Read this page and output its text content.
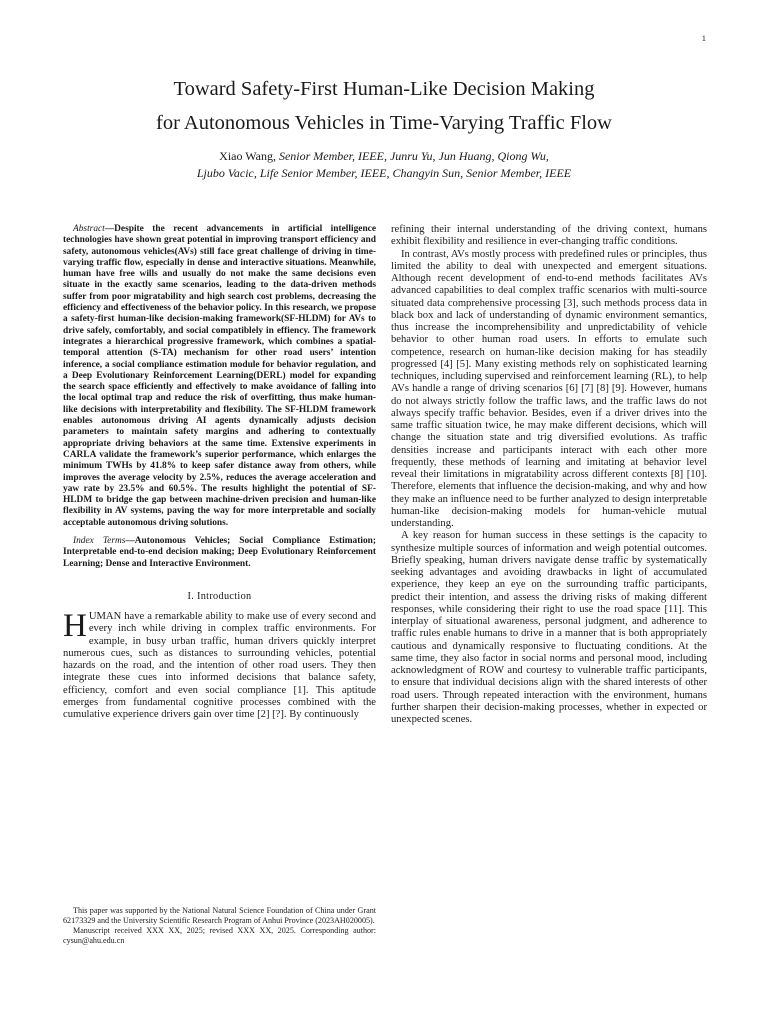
1
Toward Safety-First Human-Like Decision Making
for Autonomous Vehicles in Time-Varying Traffic Flow
Xiao Wang, Senior Member, IEEE, Junru Yu, Jun Huang, Qiong Wu,
Ljubo Vacic, Life Senior Member, IEEE, Changyin Sun, Senior Member, IEEE

Abstract—Despite the recent advancements in artificial intelligence technologies have shown great potential in improving transport efficiency and safety, autonomous vehicles(AVs) still face great challenge of driving in time-varying traffic flow, especially in dense and interactive situations. Meanwhile, human have free wills and usually do not make the same decisions even situate in the exactly same scenarios, leading to the data-driven methods suffer from poor migratability and high search cost problems, decreasing the efficiency and effectiveness of the behavior policy. In this research, we propose a safety-first human-like decision-making framework(SF-HLDM) for AVs to drive safely, comfortably, and social compatiblely in effiency. The framework integrates a hierarchical progressive framework, which combines a spatial-temporal attention (S-TA) mechanism for other road users’ intention inference, a social compliance estimation module for behavior regulation, and a Deep Evolutionary Reinforcement Learning(DERL) model for expanding the search space efficiently and effectively to make avoidance of falling into the local optimal trap and reduce the risk of overfitting, thus make human-like decisions with interpretability and flexibility. The SF-HLDM framework enables autonomous driving AI agents dynamically adjusts decision parameters to maintain safety margins and adhering to contextually appropriate driving behaviors at the same time. Extensive experiments in CARLA validate the framework’s superior performance, which enlarges the minimum TWHs by 41.8% to keep safer distance away from others, while improves the average velocity by 2.5%, reduces the average acceleration and yaw rate by 23.5% and 60.5%. The results highlight the potential of SF-HLDM to bridge the gap between machine-driven precision and human-like flexibility in AV systems, paving the way for more interpretable and socially acceptable autonomous driving solutions.

Index Terms—Autonomous Vehicles; Social Compliance Estimation; Interpretable end-to-end decision making; Deep Evolutionary Reinforcement Learning; Dense and Interactive Environment.

I. Introduction

HUMAN have a remarkable ability to make use of every second and every inch while driving in complex traffic environments. For example, in busy urban traffic, human drivers quickly interpret numerous cues, such as distances to surrounding vehicles, potential hazards on the road, and the intention of other road users. They then integrate these cues into informed decisions that balance safety, efficiency, comfort and even social compliance [1]. This aptitude emerges from fundamental cognitive processes combined with the cumulative experience drivers gain over time [2] [?]. By continuously

This paper was supported by the National Natural Science Foundation of China under Grant 62173329 and the University Scientific Research Program of Anhui Province (2023AH020005).

Manuscript received XXX XX, 2025; revised XXX XX, 2025. Corresponding author: cysun@ahu.edu.cn

refining their internal understanding of the driving context, humans exhibit flexibility and resilience in ever-changing traffic conditions.

In contrast, AVs mostly process with predefined rules or principles, thus limited the ability to deal with unexpected and emergent situations. Although recent development of end-to-end methods facilitates AVs advanced capabilities to deal complex traffic scenarios with multi-source situated data comprehensive processing [3], such methods process data in black box and lack of understanding of dynamic environment semantics, thus increase the incomprehensibility and unpredictability of vehicle behavior to other human road users. In efforts to emulate such competence, research on human-like decision making for has steadily progressed [4] [5]. Many existing methods rely on sophisticated learning techniques, including supervised and reinforcement learning (RL), to help AVs handle a range of driving scenarios [6] [7] [8] [9]. However, humans do not always strictly follow the traffic laws, and the traffic laws do not always specify traffic behavior. Besides, even if a driver drives into the same traffic situation twice, he may make different decisions, which will change the situation state and trig diversified evolutions. As traffic densities increase and participants interact with each other more frequently, these methods of learning and imitating at behavior level reveal their limitations in migratability across different contexts [8] [10]. Therefore, elements that influence the decision-making, and why and how they make an influence need to be further analyzed to design interpretable human-like decision-making models for human-vehicle mutual understanding.

A key reason for human success in these settings is the capacity to synthesize multiple sources of information and weigh potential outcomes. Briefly speaking, human drivers navigate dense traffic by systematically seeking advantages and avoiding drawbacks in light of accumulated experience, they keep an eye on the surrounding traffic participants, predict their intention, and assess the driving risks of making different responses, while considering their right to use the road space [11]. This interplay of situational awareness, personal judgment, and adherence to traffic rules enable humans to drive in a manner that is both appropriately cautious and dynamically responsive to fluctuating conditions. At the same time, they also factor in social norms and personal mood, including acknowledgment of ROW and courtesy to vulnerable traffic participants, to ensure that individual decisions align with the shared interests of other road users. Through repeated interaction with the environment, humans further sharpen their decision-making processes, whether in expected or unexpected scenes.
